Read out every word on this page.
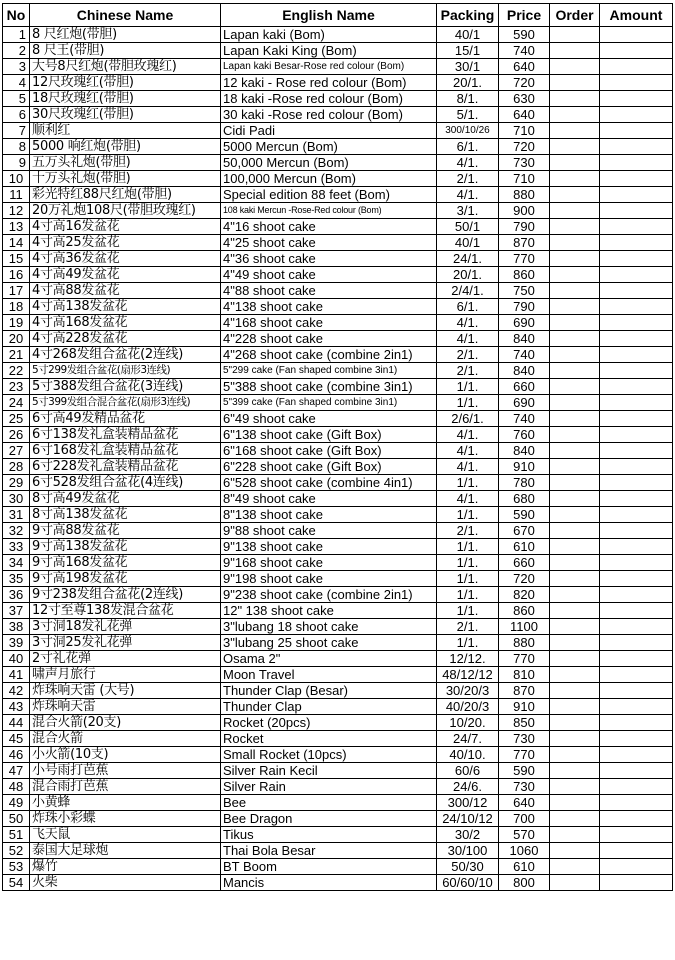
No	Chinese Name	English Name	Packing	Price	Order	Amount
1	8 尺红炮(带胆)	Lapan kaki (Bom)	40/1	590		
2	8 尺王(带胆)	Lapan Kaki King (Bom)	15/1	740		
3	大号8尺红炮(带胆玫瑰红)	Lapan kaki Besar-Rose red colour (Bom)	30/1	640		
4	12尺玫瑰红(带胆)	12 kaki - Rose red colour (Bom)	20/1.	720		
5	18尺玫瑰红(带胆)	18 kaki -Rose red colour (Bom)	8/1.	630		
6	30尺玫瑰红(带胆)	30 kaki -Rose red colour (Bom)	5/1.	640		
7	顺利红	Cidi Padi	300/10/26	710		
8	5000 响红炮(带胆)	5000 Mercun (Bom)	6/1.	720		
9	五万头礼炮(带胆)	50,000 Mercun (Bom)	4/1.	730		
10	十万头礼炮(带胆)	100,000 Mercun (Bom)	2/1.	710		
11	彩光特红88尺红炮(带胆)	Special edition 88 feet (Bom)	4/1.	880		
12	20万礼炮108尺(带胆玫瑰红)	108 kaki Mercun -Rose-Red colour (Bom)	3/1.	900		
13	4寸高16发盆花	4"16 shoot cake	50/1	790		
14	4寸高25发盆花	4"25 shoot cake	40/1	870		
15	4寸高36发盆花	4"36 shoot cake	24/1.	770		
16	4寸高49发盆花	4"49 shoot cake	20/1.	860		
17	4寸高88发盆花	4"88 shoot cake	2/4/1.	750		
18	4寸高138发盆花	4"138 shoot cake	6/1.	790		
19	4寸高168发盆花	4"168 shoot cake	4/1.	690		
20	4寸高228发盆花	4"228 shoot cake	4/1.	840		
21	4寸268发组合盆花(2连线)	4"268 shoot cake (combine 2in1)	2/1.	740		
22	5寸299发组合盆花(扇形3连线)	5"299 cake (Fan shaped combine 3in1)	2/1.	840		
23	5寸388发组合盆花(3连线)	5"388 shoot cake (combine 3in1)	1/1.	660		
24	5寸399发组合混合盆花(扇形3连线)	5"399 cake (Fan shaped combine 3in1)	1/1.	690		
25	6寸高49发精品盆花	6"49 shoot cake	2/6/1.	740		
26	6寸138发礼盒装精品盆花	6"138 shoot cake (Gift Box)	4/1.	760		
27	6寸168发礼盒装精品盆花	6"168 shoot cake (Gift Box)	4/1.	840		
28	6寸228发礼盒装精品盆花	6"228 shoot cake (Gift Box)	4/1.	910		
29	6寸528发组合盆花(4连线)	6"528 shoot cake (combine 4in1)	1/1.	780		
30	8寸高49发盆花	8"49 shoot cake	4/1.	680		
31	8寸高138发盆花	8"138 shoot cake	1/1.	590		
32	9寸高88发盆花	9"88 shoot cake	2/1.	670		
33	9寸高138发盆花	9"138 shoot cake	1/1.	610		
34	9寸高168发盆花	9"168 shoot cake	1/1.	660		
35	9寸高198发盆花	9"198 shoot cake	1/1.	720		
36	9寸238发组合盆花(2连线)	9"238 shoot cake (combine 2in1)	1/1.	820		
37	12寸至尊138发混合盆花	12" 138 shoot cake	1/1.	860		
38	3寸洞18发礼花弹	3"lubang 18 shoot cake	2/1.	1100		
39	3寸洞25发礼花弹	3"lubang 25 shoot cake	1/1.	880		
40	2寸礼花弹	Osama 2"	12/12.	770		
41	啸声月旅行	Moon Travel	48/12/12	810		
42	炸珠响天雷 (大号)	Thunder Clap (Besar)	30/20/3	870		
43	炸珠响天雷	Thunder Clap	40/20/3	910		
44	混合火箭(20支)	Rocket (20pcs)	10/20.	850		
45	混合火箭	Rocket	24/7.	730		
46	小火箭(10支)	Small Rocket (10pcs)	40/10.	770		
47	小号雨打芭蕉	Silver Rain Kecil	60/6	590		
48	混合雨打芭蕉	Silver Rain	24/6.	730		
49	小黄蜂	Bee	300/12	640		
50	炸珠小彩蝶	Bee Dragon	24/10/12	700		
51	飞天鼠	Tikus	30/2	570		
52	泰国大足球炮	Thai Bola Besar	30/100	1060		
53	爆竹	BT Boom	50/30	610		
54	火柴	Mancis	60/60/10	800		
